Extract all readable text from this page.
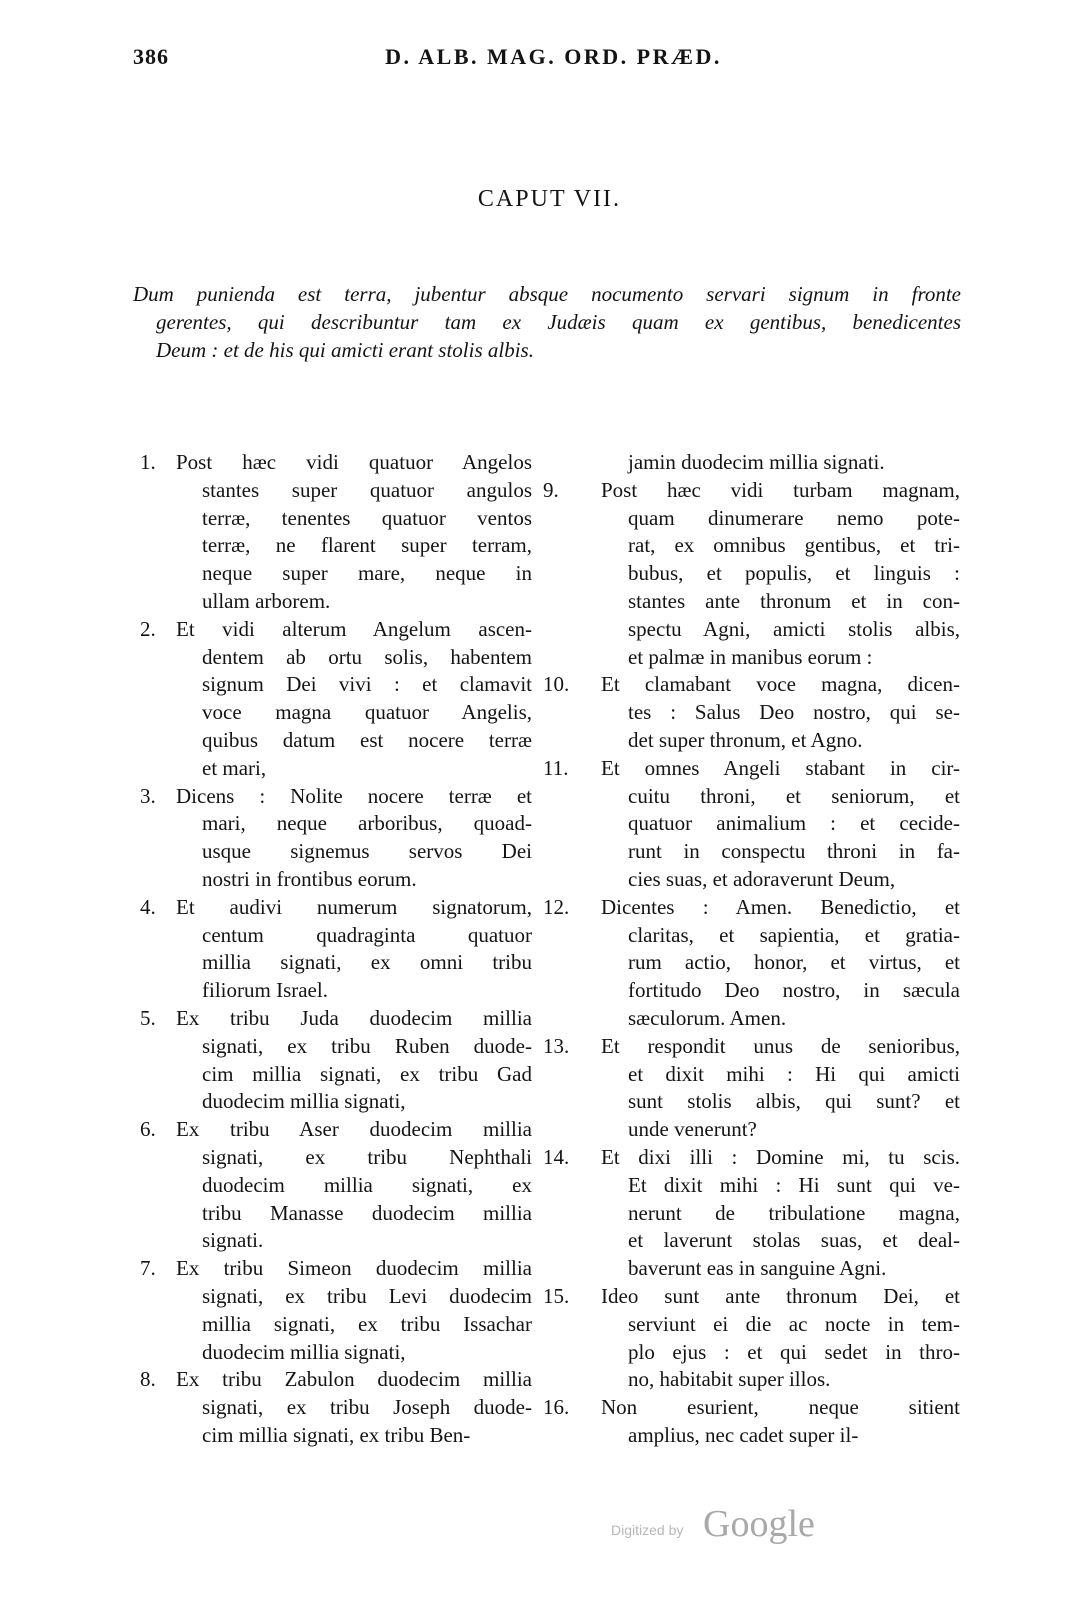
386	D. ALB. MAG. ORD. PRÆD.
CAPUT VII.
Dum punienda est terra, jubentur absque nocumento servari signum in fronte
gerentes, qui describuntur tam ex Judæis quam ex gentibus, benedicentes
Deum : et de his qui amicti erant stolis albis.
1. Post hæc vidi quatuor Angelos
stantes super quatuor angulos
terræ, tenentes quatuor ventos
terræ, ne flarent super terram,
neque super mare, neque in
ullam arborem.
2. Et vidi alterum Angelum ascen-
dentem ab ortu solis, habentem
signum Dei vivi : et clamavit
voce magna quatuor Angelis,
quibus datum est nocere terræ
et mari,
3. Dicens : Nolite nocere terræ et
mari, neque arboribus, quoad-
usque signemus servos Dei
nostri in frontibus eorum.
4. Et audivi numerum signatorum,
centum quadraginta quatuor
millia signati, ex omni tribu
filiorum Israel.
5. Ex tribu Juda duodecim millia
signati, ex tribu Ruben duode-
cim millia signati, ex tribu Gad
duodecim millia signati,
6. Ex tribu Aser duodecim millia
signati, ex tribu Nephthali
duodecim millia signati, ex
tribu Manasse duodecim millia
signati.
7. Ex tribu Simeon duodecim millia
signati, ex tribu Levi duodecim
millia signati, ex tribu Issachar
duodecim millia signati,
8. Ex tribu Zabulon duodecim millia
signati, ex tribu Joseph duode-
cim millia signati, ex tribu Ben-
jamin duodecim millia signati.
9. Post hæc vidi turbam magnam,
quam dinumerare nemo pote-
rat, ex omnibus gentibus, et tri-
bubus, et populis, et linguis :
stantes ante thronum et in con-
spectu Agni, amicti stolis albis,
et palmæ in manibus eorum :
10. Et clamabant voce magna, dicen-
tes : Salus Deo nostro, qui se-
det super thronum, et Agno.
11. Et omnes Angeli stabant in cir-
cuitu throni, et seniorum, et
quatuor animalium : et cecide-
runt in conspectu throni in fa-
cies suas, et adoraverunt Deum,
12. Dicentes : Amen. Benedictio, et
claritas, et sapientia, et gratia-
rum actio, honor, et virtus, et
fortitudo Deo nostro, in sæcula
sæculorum. Amen.
13. Et respondit unus de senioribus,
et dixit mihi : Hi qui amicti
sunt stolis albis, qui sunt? et
unde venerunt?
14. Et dixi illi : Domine mi, tu scis.
Et dixit mihi : Hi sunt qui ve-
nerunt de tribulatione magna,
et laverunt stolas suas, et deal-
baverunt eas in sanguine Agni.
15. Ideo sunt ante thronum Dei, et
serviunt ei die ac nocte in tem-
plo ejus : et qui sedet in thro-
no, habitabit super illos.
16. Non esurient, neque sitient
amplius, nec cadet super il-
Digitized by Google
